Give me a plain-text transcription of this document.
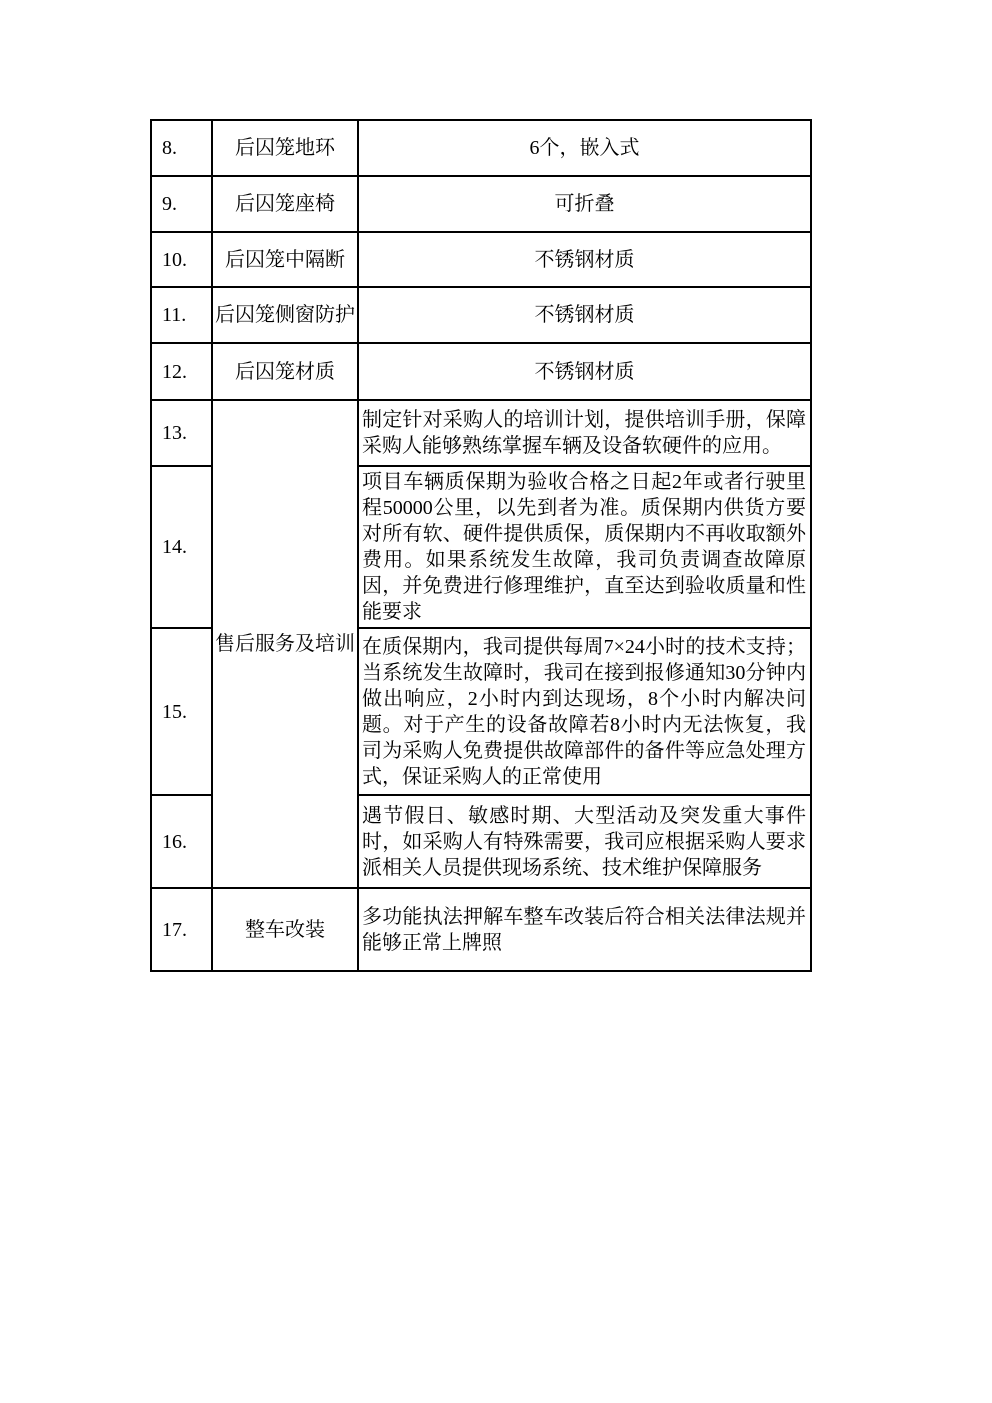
8.	后囚笼地环	6个，嵌入式
9.	后囚笼座椅	可折叠
10.	后囚笼中隔断	不锈钢材质
11.	后囚笼侧窗防护	不锈钢材质
12.	后囚笼材质	不锈钢材质
13.	售后服务及培训	制定针对采购人的培训计划，提供培训手册，保障采购人能够熟练掌握车辆及设备软硬件的应用。
14.		项目车辆质保期为验收合格之日起2年或者行驶里程50000公里，以先到者为准。质保期内供货方要对所有软、硬件提供质保，质保期内不再收取额外费用。如果系统发生故障，我司负责调查故障原因，并免费进行修理维护，直至达到验收质量和性能要求
15.		在质保期内，我司提供每周7×24小时的技术支持；当系统发生故障时，我司在接到报修通知30分钟内做出响应，2小时内到达现场，8个小时内解决问题。对于产生的设备故障若8小时内无法恢复，我司为采购人免费提供故障部件的备件等应急处理方式，保证采购人的正常使用
16.		遇节假日、敏感时期、大型活动及突发重大事件时，如采购人有特殊需要，我司应根据采购人要求派相关人员提供现场系统、技术维护保障服务
17.	整车改装	多功能执法押解车整车改装后符合相关法律法规并能够正常上牌照
